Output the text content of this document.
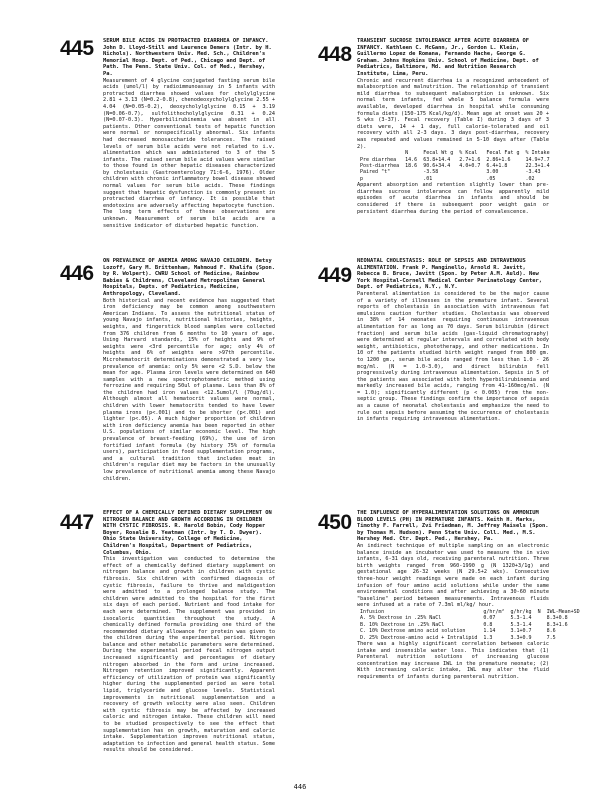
445 SERUM BILE ACIDS IN PROTRACTED DIARRHEA OF INFANCY. John D. Lloyd-Still and Laurence Demers (Intr. by H. Nichols). Northwestern Univ. Med. Sch., Children's Memorial Hosp. Dept. of Ped., Chicago and Dept. of Path. The Penn. State Univ. Col. of Med., Hershey, Pa.
Measurement of 4 glycine conjugated fasting serum bile acids (umol/l) by radioimmunoassay in 5 infants with protracted diarrhea showed values for cholylglycine 2.81 + 3.13 (N=0.2-0.8), chenodeoxycholylglycine 2.55 + 4.04 (N=0.05-0.2), deoxycholylglycine 0.15 + 3.19 (N=0.06-0.7), sulfolithocholylglycine 0.31 + 0.24 (N=0.07-0.3). Hyperbilirubinemia was absent in all patients. Other conventional tests of hepatic function were normal or nonspecifically abnormal. Six infants had decreased monosaccharide tolerances. The raised levels of serum bile acids were not related to i.v. alimentation which was administered to 3 of the 5 infants. The raised serum bile acid values were similar to those found in other hepatic diseases characterized by cholestasis (Gastroenterology 71:6-6, 1976). Older children with chronic inflammatory bowel disease showed normal values for serum bile acids. These findings suggest that hepatic dysfunction is commonly present in protracted diarrhea of infancy. It is possible that endotoxins are adversely affecting hepatocyte function. The long term effects of these observations are unknown. Measurement of serum bile acids are a sensitive indicator of disturbed hepatic function.
448
TRANSIENT SUCROSE INTOLERANCE AFTER ACUTE DIARRHEA OF INFANCY. Kathleen C. McGann, Jr., Gordon L. Klein, Guillermo Lopez de Romana, Fernando Hache, George G. Graham. Johns Hopkins Univ. School of Medicine, Dept. of Pediatrics, Baltimore, Md. and Nutrition Research Institute, Lima, Peru.
Chronic and recurrent diarrhea is a recognized antecedent of malabsorption and malnutrition. The relationship of transient mild diarrhea to subsequent malabsorption is unknown. Six normal term infants, fed whole 5 balance formula were available, developed diarrhea in hospital while consuming formula diets (150-175 Kcal/kg/d). Mean age at onset was 20 + 5 wks (3-37). Fecal recovery (Table I) during 3 days of 3 diets were, 14 + 1 day, full calorie-tolerated and oil recovery with all 2-3 days. 3 days post-diarrhea, recovery was repeated and values remained in 5-10 days after (Table 2).
	N	Fecal Wt g	% Kcal	Fecal Fat g	% Intake
Pre diarrhea	14.6	63.8+14.4	2.7+1.6	2.86+1.6	14.9+7.7
Post-diarrhea	18.6	90.6+34.4	4.0+0.7	6.4+1.8	22.3+1.4
Paired "t"		-3.58		3.00	-3.43
p		.01		.05	.02
Apparent absorption and retention slightly lower than pre-diarrhea sucrose intolerance can follow apparently mild episodes of acute diarrhea in infants and should be considered if there is subsequent poor weight gain or persistent diarrhea during the period of convalescence.
446
ON PREVALENCE OF ANEMIA AMONG NAVAJO CHILDREN. Betsy Lozoff, Gary M. Brittenham, Mahmoud F. Khalifa (Spon. by R. Wolpert). CWRU School of Medicine, Rainbow Babies & Childrens, Cleveland Metropolitan General Hospitals, Depts. of Pediatrics, Medicine, Anthropology, Cleveland.
Both historical and recent evidence has suggested that iron deficiency may be common among southwestern American Indians. To assess the nutritional status of young Navajo infants, nutritional histories, heights, weights, and fingerstick blood samples were collected from 376 children from 6 months to 10 years of age. Using Harvard standards, 15% of heights and 9% of weights were <3rd percentile for age; only 4% of heights and 6% of weights were >97th percentile. Microhematocrit determinations demonstrated a very low prevalence of anemia: only 5% were <2 S.D. below the mean for age. Plasma iron levels were determined on 640 samples with a new spectrophotometric method using ferrozine and requiring 50ul of plasma. Less than 8% of the children had iron values <12.5umol/l (70ug/dl). Although almost all hematocrit values were normal, children with lower hematocrits tended to have lower plasma irons (p<.001) and to be shorter (p<.001) and lighter (p<.05). A much higher proportion of children with iron deficiency anemia has been reported in other U.S. populations of similar economic level. The high prevalence of breast-feeding (69%), the use of iron fortified infant formula (by history 75% of formula users), participation in food supplementation programs, and a cultural tradition that includes meat in children's regular diet may be factors in the unusually low prevalence of nutritional anemia among these Navajo children.
449
NEONATAL CHOLESTASIS: ROLE OF SEPSIS AND INTRAVENOUS ALIMENTATION. Frank P. Manginello, Arnold R. Javitt, Rebecca B. Bruce, Javitt (Spon. by Peter A.M. Auld). New York Hospital-Cornell Medical Center Perinatology Center, Dept. of Pediatrics, N.Y., N.Y.
Parenteral alimentation is considered to be the major cause of a variety of illnesses in the premature infant. Several reports of cholestasis in association with intravenous fat emulsions caution further studies. Cholestasis was observed in 38% of 14 neonates requiring continuous intravenous alimentation for as long as 70 days. Serum bilirubin (direct fraction) and serum bile acids (gas-liquid chromatography) were determined at regular intervals and correlated with body weight, antibiotics, phototherapy, and other medications. In 10 of the patients studied birth weight ranged from 800 gm. to 1200 gm., serum bile acids ranged from less than 1.0 - 26 mcg/ml. (N = 1.0-3.0), and direct bilirubin fell progressively during intravenous alimentation. Sepsis in 5 of the patients was associated with both hyperbilirubinemia and markedly increased bile acids, ranging from 41-160mcg/ml. (N = 1.0); significantly different (p < 0.005) from the non-septic group. These findings confirm the importance of sepsis as a cause of neonatal cholestasis and emphasize the need to rule out sepsis before assuming the occurrence of cholestasis in infants requiring intravenous alimentation.
447 EFFECT OF A CHEMICALLY DEFINED DIETARY SUPPLEMENT ON NITROGEN BALANCE AND GROWTH ACCORDING IN CHILDREN WITH CYSTIC FIBROSIS. R. Harold Bobin, Cody Hopper Boyer, Rosalie B. Yeatman (Intr. by T. D. Dwyer). Ohio State University, College of Medicine, Children's Hospital, Department of Pediatrics, Columbus, Ohio.
This investigation was conducted to determine the effect of a chemically defined dietary supplement on nitrogen balance and growth in children with cystic fibrosis. Six children with confirmed diagnosis of cystic fibrosis, failure to thrive and maldigestion were admitted to a prolonged balance study. The children were admitted to the hospital for the first six days of each period. Nutrient and food intake for each were determined. The supplement was provided in isocaloric quantities throughout the study. A chemically defined formula providing one third of the recommended dietary allowance for protein was given to the children during the experimental period. Nitrogen balance and other metabolic parameters were determined. During the experimental period fecal nitrogen output increased significantly and percentages of dietary nitrogen absorbed in the form and urine increased. Nitrogen retention improved significantly. Apparent efficiency of utilization of protein was significantly higher during the supplemented period as were total lipid, triglyceride and glucose levels. Statistical improvements in nutritional supplementation and a recovery of growth velocity were also seen. Children with cystic fibrosis may be affected by increased caloric and nitrogen intake. These children will need to be studied prospectively to see the effect that supplementation has on growth, maturation and caloric intake. Supplementation improves nutritional status, adaptation to infection and general health status. Some results should be considered.
450 THE INFLUENCE OF HYPERALIMENTATION SOLUTIONS ON AMMONIUM BLOOD LEVELS (PH) IN PREMATURE INFANTS. Keith H. Marks, Timothy F. Farrell, Zvi Friedman, M. Jeffrey Maisels (Spon. by Thomas M. Hudson). Penn State Univ. Coll. Med., M.S. Hershey Med. Ctr. Dept. Ped., Hershey, Pa.
An indirect technique of multiple sampling on an electronic balance inside an incubator was used to measure the in vivo infants, 6-31 days old, receiving parenteral nutrition. Three birth weights ranged from 960-1990 g (N 1320+3/1g) and gestational age 26-32 weeks (N 29.5+2 wks). Consecutive three-hour weight readings were made on each infant during infusion of four amino acid solutions while under the same environmental conditions and after achieving a 30-60 minute "baseline" period between measurements. Intravenous fluids were infused at a rate of 7.3ml ml/kg/ hour.
Infusion	g/hr/m²	g/hr/kg	N	IWL-Mean+SD
A. 5% Dextrose in .25% NaCl	0.07	5.3-1.4		8.3+0.8
B. 10% Dextrose in .25% NaCl	0.8	5.3-1.4		8.3+1.6
C. 10% Dextrose amino acid solution	1.14	3.1+0.7		8.6
D. 25% Dextrose-amino acid + Intralipid	1.3	3.3+0.9		7.5
There was a highly significant correlation between caloric intake and insensible water loss. This indicates that (1) Parenteral nutrition solutions of increasing glucose concentration may increase IWL in the premature neonate; (2) With increasing caloric intake, IWL may alter the fluid requirements of infants during parenteral nutrition.
446
